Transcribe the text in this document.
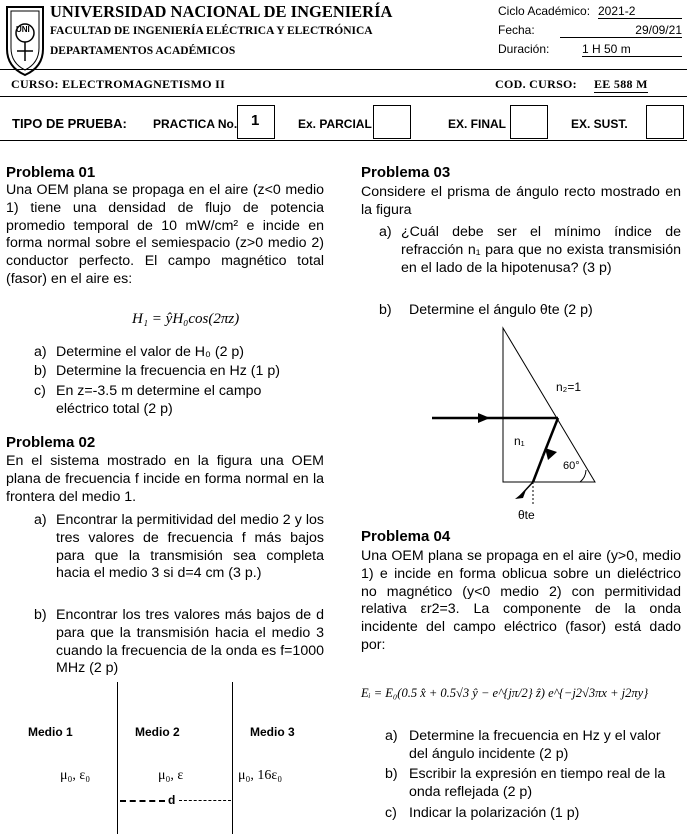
UNI
UNIVERSIDAD NACIONAL DE INGENIERÍA
FACULTAD DE INGENIERÍA ELÉCTRICA Y ELECTRÓNICA
DEPARTAMENTOS ACADÉMICOS
Ciclo Académico: 2021-2
Fecha:	29/09/21
Duración:	1 H 50 m
CURSO: ELECTROMAGNETISMO II	COD. CURSO: EE 588 M
TIPO DE PRUEBA: PRACTICA No. 1	Ex. PARCIAL	EX. FINAL	EX. SUST.
Problema 01
Una OEM plana se propaga en el aire (z<0 medio 1) tiene una densidad de flujo de potencia promedio temporal de 10 mW/cm² e incide en forma normal sobre el semiespacio (z>0 medio 2) conductor perfecto. El campo magnético total (fasor) en el aire es:
H₁ = ŷH₀cos(2πz)
a) Determine el valor de H₀ (2 p)
b) Determine la frecuencia en Hz (1 p)
c) En z=-3.5 m determine el campo eléctrico total (2 p)
Problema 02
En el sistema mostrado en la figura una OEM plana de frecuencia f incide en forma normal en la frontera del medio 1.
a) Encontrar la permitividad del medio 2 y los tres valores de frecuencia f más bajos para que la transmisión sea completa hacia el medio 3 si d=4 cm (3 p.)
b) Encontrar los tres valores más bajos de d para que la transmisión hacia el medio 3 cuando la frecuencia de la onda es f=1000 MHz (2 p)
Medio 1	Medio 2	Medio 3
μ₀, ε₀	μ₀, ε	μ₀, 16ε₀
d
Problema 03
Considere el prisma de ángulo recto mostrado en la figura
a) ¿Cuál debe ser el mínimo índice de refracción n₁ para que no exista transmisión en el lado de la hipotenusa? (3 p)
b) Determine el ángulo θte (2 p)
n₂=1
n₁
60°
θte
Problema 04
Una OEM plana se propaga en el aire (y>0, medio 1) e incide en forma oblicua sobre un dieléctrico no magnético (y<0 medio 2) con permitividad relativa εr2=3. La componente de la onda incidente del campo eléctrico (fasor) está dado por:
Eᵢ = E₀(0.5 x̂ + 0.5√3 ŷ − e^{jπ/2} ẑ) e^{−j2√3πx + j2πy}
a) Determine la frecuencia en Hz y el valor del ángulo incidente (2 p)
b) Escribir la expresión en tiempo real de la onda reflejada (2 p)
c) Indicar la polarización (1 p)
